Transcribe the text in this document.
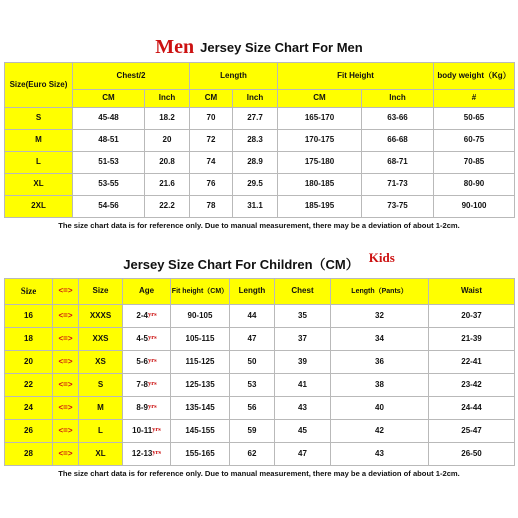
Men Jersey Size Chart For Men
Size(Euro Size)	Chest/2		Length		Fit Height		body weight（Kg）
	CM	Inch	CM	Inch	CM	Inch	#
S	45-48	18.2	70	27.7	165-170	63-66	50-65
M	48-51	20	72	28.3	170-175	66-68	60-75
L	51-53	20.8	74	28.9	175-180	68-71	70-85
XL	53-55	21.6	76	29.5	180-185	71-73	80-90
2XL	54-56	22.2	78	31.1	185-195	73-75	90-100
The size chart data is for reference only. Due to manual measurement, there may be a deviation of about 1-2cm.
Jersey Size Chart For Children（CM） Kids
Size	<=>	Size	Age	Fit height（CM）	Length	Chest	Length（Pants）	Waist
16	<=>	XXXS	$2-4^{yrs}$	90-105	44	35	32	20-37
18	<=>	XXS	$4-5^{yrs}$	105-115	47	37	34	21-39
20	<=>	XS	$5-6^{yrs}$	115-125	50	39	36	22-41
22	<=>	S	$7-8^{yrs}$	125-135	53	41	38	23-42
24	<=>	M	$8-9^{yrs}$	135-145	56	43	40	24-44
26	<=>	L	$10-11^{yrs}$	145-155	59	45	42	25-47
28	<=>	XL	$12-13^{yrs}$	155-165	62	47	43	26-50
The size chart data is for reference only. Due to manual measurement, there may be a deviation of about 1-2cm.
